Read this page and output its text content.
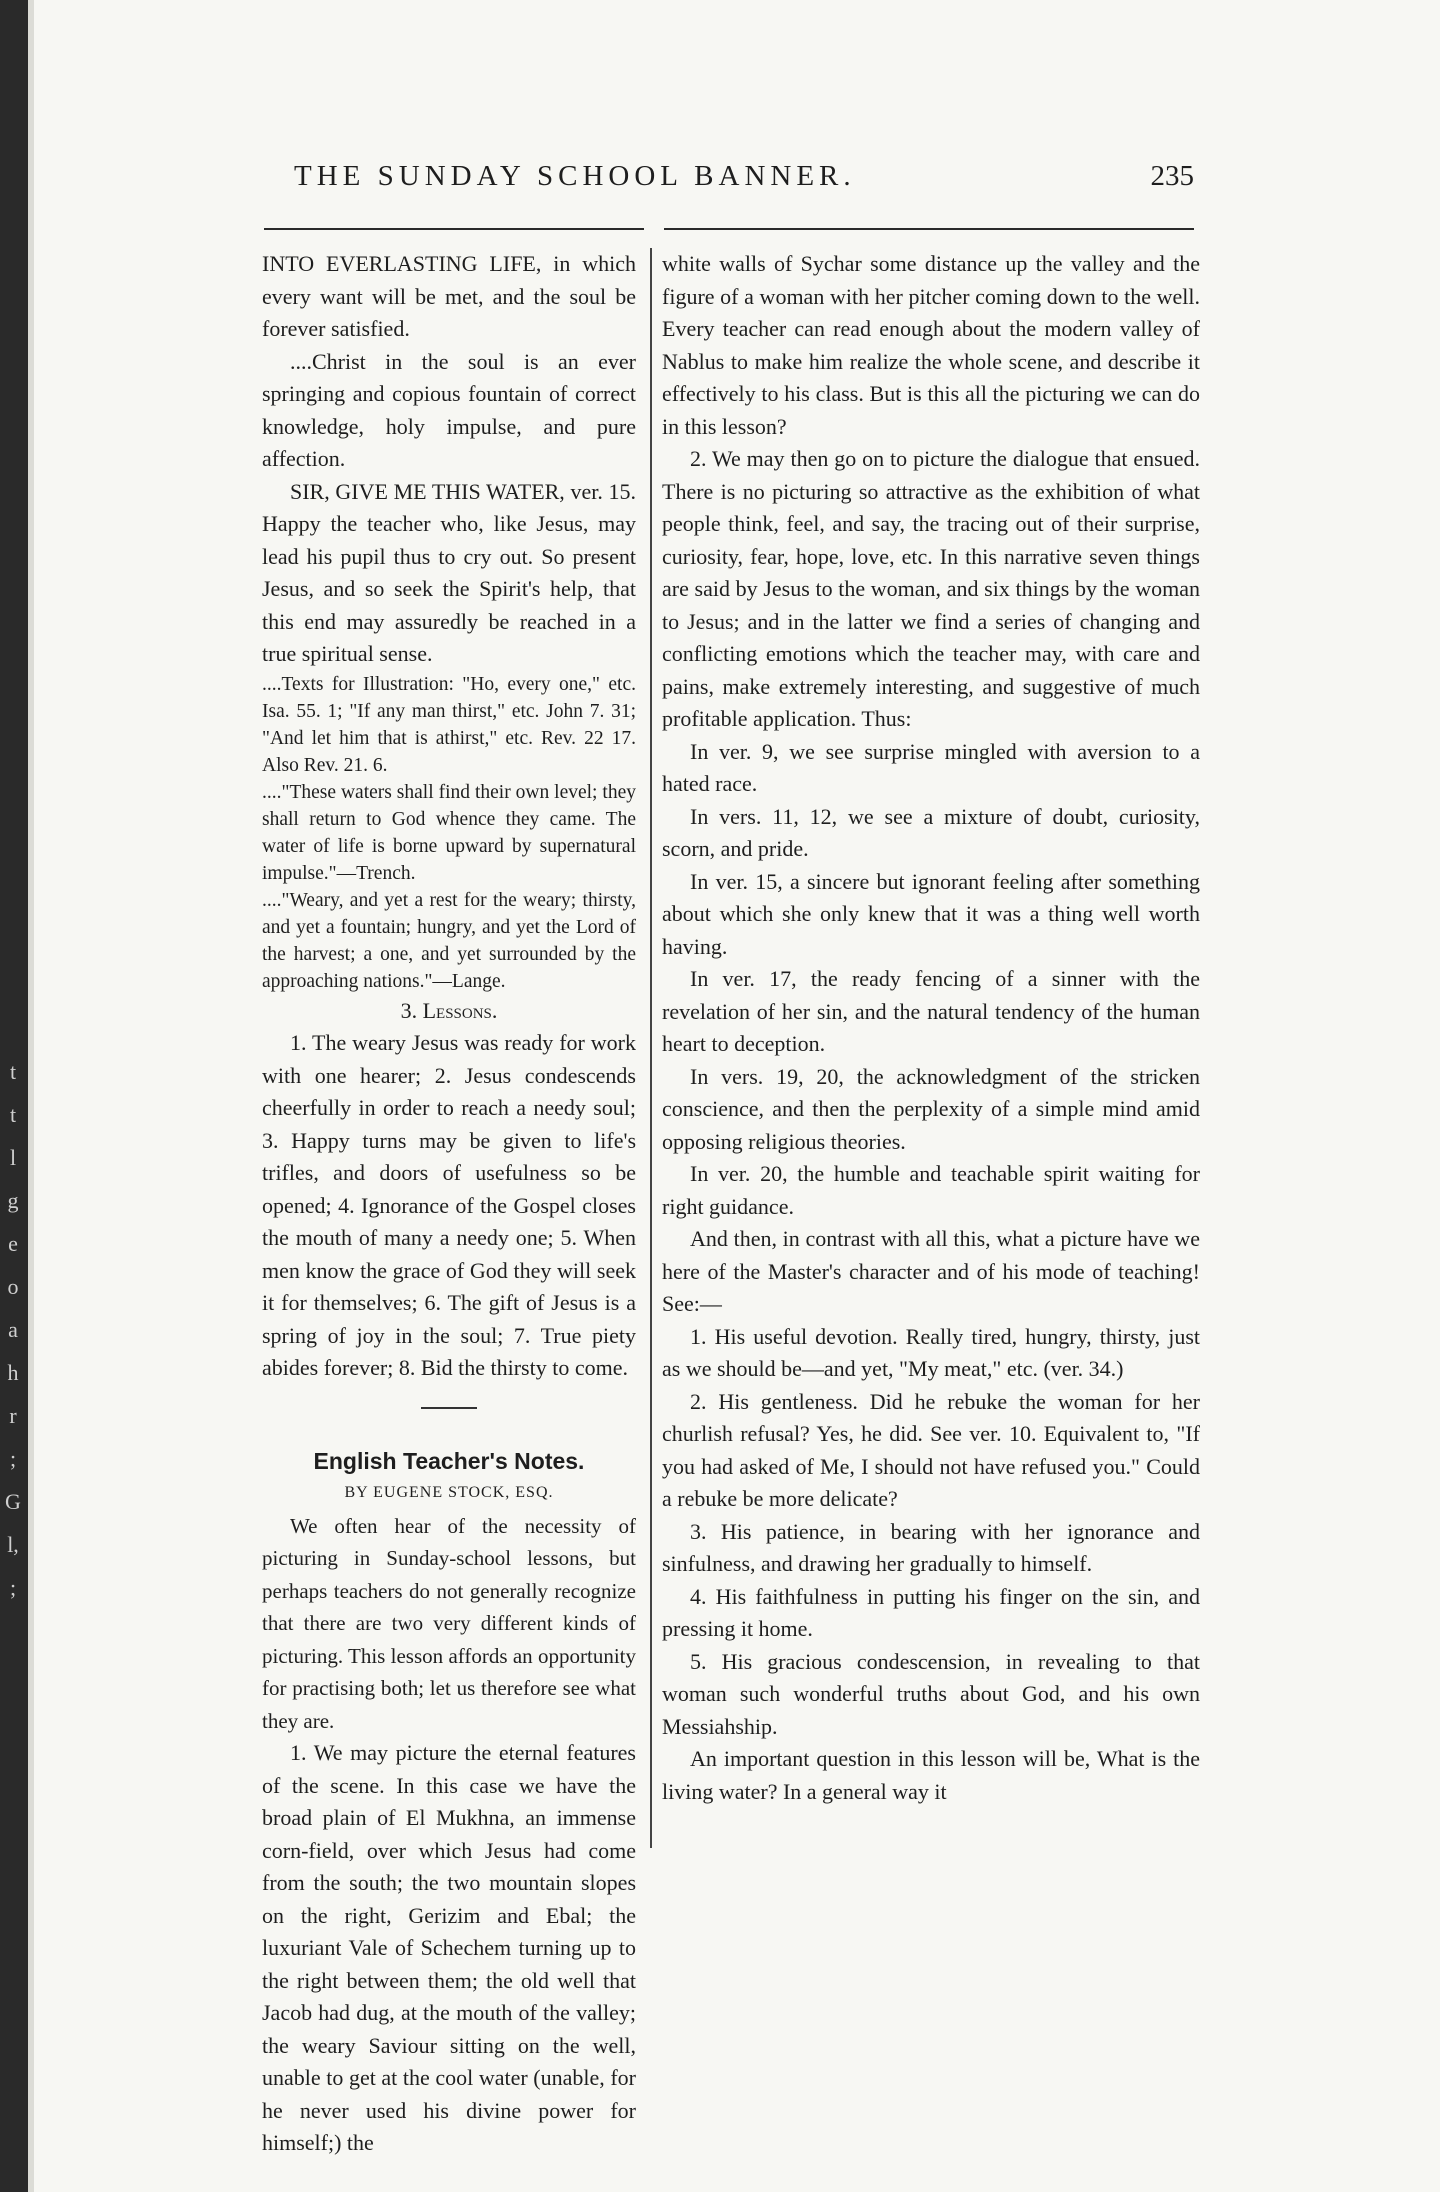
t
t
l
g
e
o
a
h
r
;
G
l,
;
THE SUNDAY SCHOOL BANNER.	235

INTO EVERLASTING LIFE, in which every want will be met, and the soul be forever satisfied.

....Christ in the soul is an ever springing and copious fountain of correct knowledge, holy impulse, and pure affection.

SIR, GIVE ME THIS WATER, ver. 15. Happy the teacher who, like Jesus, may lead his pupil thus to cry out. So present Jesus, and so seek the Spirit's help, that this end may assuredly be reached in a true spiritual sense.

....Texts for Illustration: "Ho, every one," etc. Isa. 55. 1; "If any man thirst," etc. John 7. 31; "And let him that is athirst," etc. Rev. 22 17. Also Rev. 21. 6.

...."These waters shall find their own level; they shall return to God whence they came. The water of life is borne upward by supernatural impulse."—Trench.

...."Weary, and yet a rest for the weary; thirsty, and yet a fountain; hungry, and yet the Lord of the harvest; a one, and yet surrounded by the approaching nations."—Lange.

3. Lessons.

1. The weary Jesus was ready for work with one hearer; 2. Jesus condescends cheerfully in order to reach a needy soul; 3. Happy turns may be given to life's trifles, and doors of usefulness so be opened; 4. Ignorance of the Gospel closes the mouth of many a needy one; 5. When men know the grace of God they will seek it for themselves; 6. The gift of Jesus is a spring of joy in the soul; 7. True piety abides forever; 8. Bid the thirsty to come.

English Teacher's Notes.

BY EUGENE STOCK, ESQ.

We often hear of the necessity of picturing in Sunday-school lessons, but perhaps teachers do not generally recognize that there are two very different kinds of picturing. This lesson affords an opportunity for practising both; let us therefore see what they are.

1. We may picture the eternal features of the scene. In this case we have the broad plain of El Mukhna, an immense corn-field, over which Jesus had come from the south; the two mountain slopes on the right, Gerizim and Ebal; the luxuriant Vale of Schechem turning up to the right between them; the old well that Jacob had dug, at the mouth of the valley; the weary Saviour sitting on the well, unable to get at the cool water (unable, for he never used his divine power for himself;) the

white walls of Sychar some distance up the valley and the figure of a woman with her pitcher coming down to the well. Every teacher can read enough about the modern valley of Nablus to make him realize the whole scene, and describe it effectively to his class. But is this all the picturing we can do in this lesson?

2. We may then go on to picture the dialogue that ensued. There is no picturing so attractive as the exhibition of what people think, feel, and say, the tracing out of their surprise, curiosity, fear, hope, love, etc. In this narrative seven things are said by Jesus to the woman, and six things by the woman to Jesus; and in the latter we find a series of changing and conflicting emotions which the teacher may, with care and pains, make extremely interesting, and suggestive of much profitable application. Thus:

In ver. 9, we see surprise mingled with aversion to a hated race.

In vers. 11, 12, we see a mixture of doubt, curiosity, scorn, and pride.

In ver. 15, a sincere but ignorant feeling after something about which she only knew that it was a thing well worth having.

In ver. 17, the ready fencing of a sinner with the revelation of her sin, and the natural tendency of the human heart to deception.

In vers. 19, 20, the acknowledgment of the stricken conscience, and then the perplexity of a simple mind amid opposing religious theories.

In ver. 20, the humble and teachable spirit waiting for right guidance.

And then, in contrast with all this, what a picture have we here of the Master's character and of his mode of teaching! See:—

1. His useful devotion. Really tired, hungry, thirsty, just as we should be—and yet, "My meat," etc. (ver. 34.)

2. His gentleness. Did he rebuke the woman for her churlish refusal? Yes, he did. See ver. 10. Equivalent to, "If you had asked of Me, I should not have refused you." Could a rebuke be more delicate?

3. His patience, in bearing with her ignorance and sinfulness, and drawing her gradually to himself.

4. His faithfulness in putting his finger on the sin, and pressing it home.

5. His gracious condescension, in revealing to that woman such wonderful truths about God, and his own Messiahship.

An important question in this lesson will be, What is the living water? In a general way it
